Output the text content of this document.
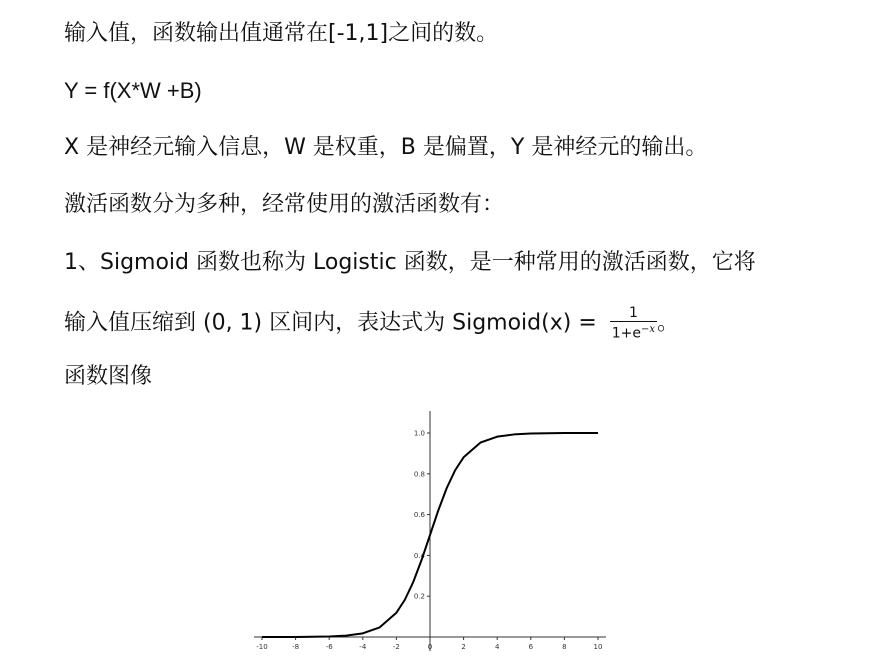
输入值，函数输出值通常在[-1,1]之间的数。
Y = f(X*W +B)
X 是神经元输入信息，W 是权重，B 是偏置，Y 是神经元的输出。
激活函数分为多种，经常使用的激活函数有：
1、Sigmoid 函数也称为 Logistic 函数，是一种常用的激活函数，它将
输入值压缩到 (0, 1) 区间内，表达式为 Sigmoid(x) = $\frac{1}{1+e^{-x}}$ 。
函数图像
-10	-8	-6	-4	-2	0	2	4	6	8	10
0.2
0.4
0.6
0.8
1.0
